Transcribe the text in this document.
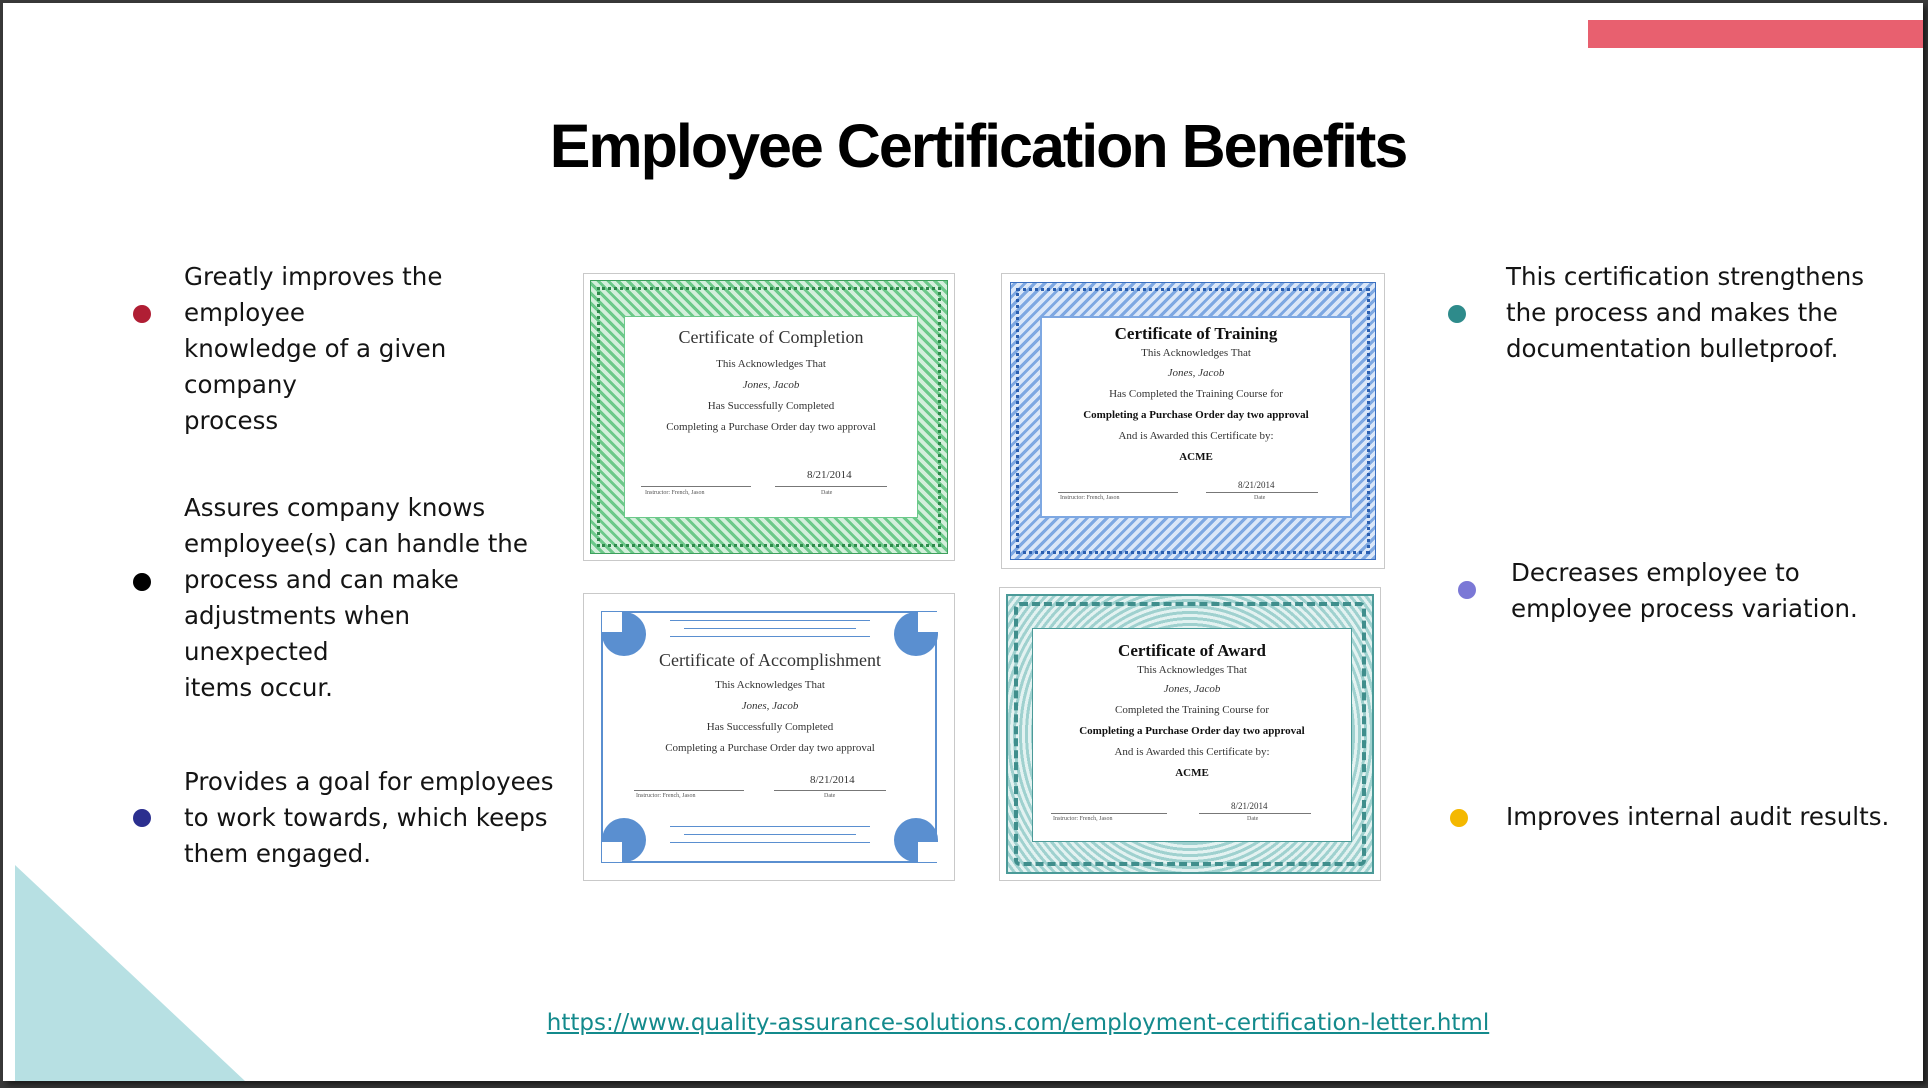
Employee Certification Benefits
Greatly improves the employee
knowledge of a given company
process
Assures company knows
employee(s) can handle the
process and can make
adjustments when unexpected
items occur.
Provides a goal for employees
to work towards, which keeps
them engaged.
This certification strengthens
the process and makes the
documentation bulletproof.
Decreases employee to
employee process variation.
Improves internal audit results.
Certificate of Completion
This Acknowledges That
Jones, Jacob
Has Successfully Completed
Completing a Purchase Order day two approval
8/21/2014
Instructor: French, Jason	Date
Certificate of Training
This Acknowledges That
Jones, Jacob
Has Completed the Training Course for
Completing a Purchase Order day two approval
And is Awarded this Certificate by:
ACME
8/21/2014
Instructor: French, Jason	Date
Certificate of Accomplishment
This Acknowledges That
Jones, Jacob
Has Successfully Completed
Completing a Purchase Order day two approval
8/21/2014
Instructor: French, Jason	Date
Certificate of Award
This Acknowledges That
Jones, Jacob
Completed the Training Course for
Completing a Purchase Order day two approval
And is Awarded this Certificate by:
ACME
8/21/2014
Instructor: French, Jason	Date
https://www.quality-assurance-solutions.com/employment-certification-letter.html
